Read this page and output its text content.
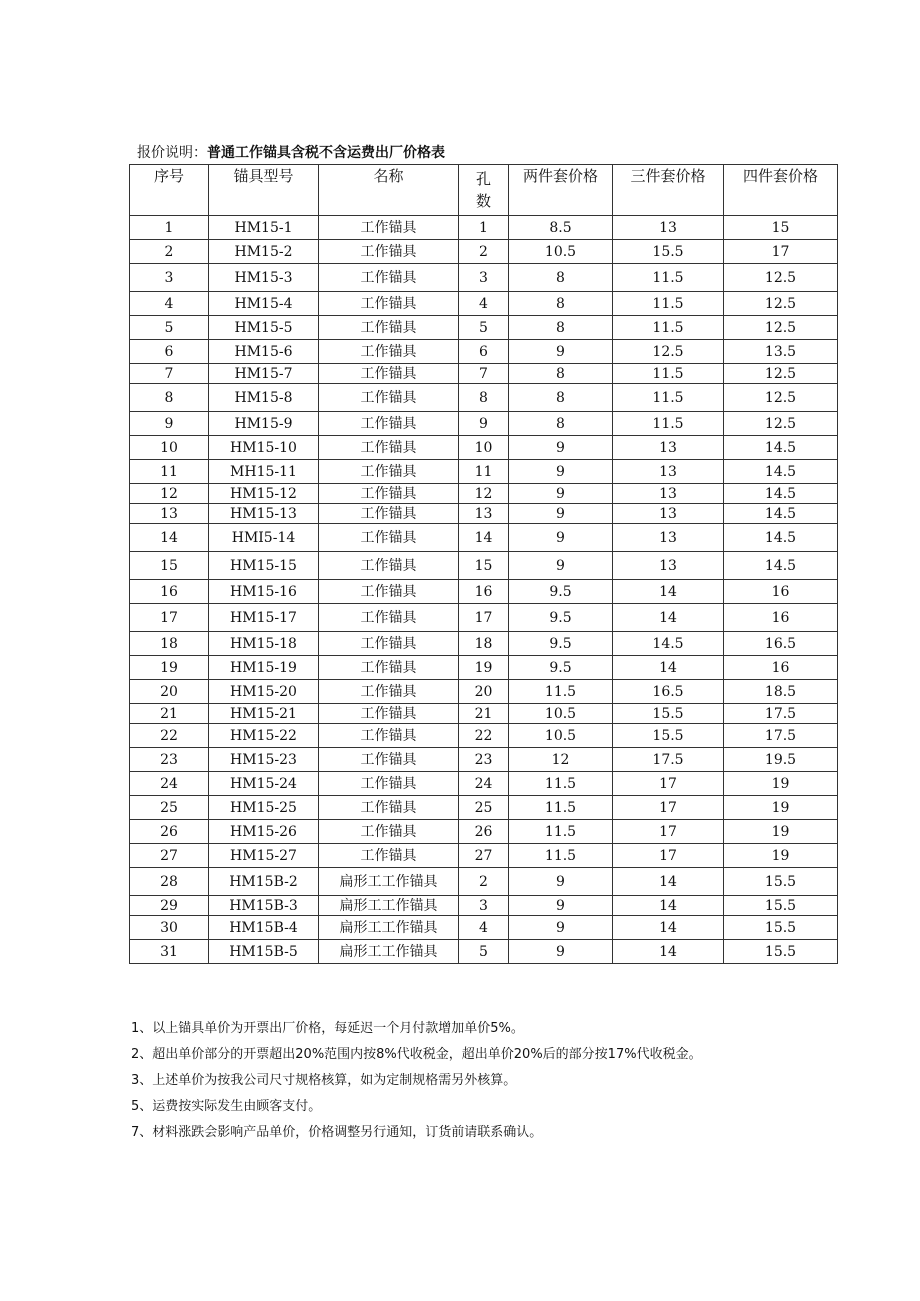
报价说明：普通工作锚具含税不含运费出厂价格表
序号	锚具型号	名称	孔数	两件套价格	三件套价格	四件套价格
1	HM15-1	工作锚具	1	8.5	13	15
2	HM15-2	工作锚具	2	10.5	15.5	17
3	HM15-3	工作锚具	3	8	11.5	12.5
4	HM15-4	工作锚具	4	8	11.5	12.5
5	HM15-5	工作锚具	5	8	11.5	12.5
6	HM15-6	工作锚具	6	9	12.5	13.5
7	HM15-7	工作锚具	7	8	11.5	12.5
8	HM15-8	工作锚具	8	8	11.5	12.5
9	HM15-9	工作锚具	9	8	11.5	12.5
10	HM15-10	工作锚具	10	9	13	14.5
11	MH15-11	工作锚具	11	9	13	14.5
12	HM15-12	工作锚具	12	9	13	14.5
13	HM15-13	工作锚具	13	9	13	14.5
14	HMI5-14	工作锚具	14	9	13	14.5
15	HM15-15	工作锚具	15	9	13	14.5
16	HM15-16	工作锚具	16	9.5	14	16
17	HM15-17	工作锚具	17	9.5	14	16
18	HM15-18	工作锚具	18	9.5	14.5	16.5
19	HM15-19	工作锚具	19	9.5	14	16
20	HM15-20	工作锚具	20	11.5	16.5	18.5
21	HM15-21	工作锚具	21	10.5	15.5	17.5
22	HM15-22	工作锚具	22	10.5	15.5	17.5
23	HM15-23	工作锚具	23	12	17.5	19.5
24	HM15-24	工作锚具	24	11.5	17	19
25	HM15-25	工作锚具	25	11.5	17	19
26	HM15-26	工作锚具	26	11.5	17	19
27	HM15-27	工作锚具	27	11.5	17	19
28	HM15B-2	扁形工工作锚具	2	9	14	15.5
29	HM15B-3	扁形工工作锚具	3	9	14	15.5
30	HM15B-4	扁形工工作锚具	4	9	14	15.5
31	HM15B-5	扁形工工作锚具	5	9	14	15.5
1、以上锚具单价为开票出厂价格，每延迟一个月付款增加单价5%。
2、超出单价部分的开票超出20%范围内按8%代收税金，超出单价20%后的部分按17%代收税金。
3、上述单价为按我公司尺寸规格核算，如为定制规格需另外核算。
5、运费按实际发生由顾客支付。
7、材料涨跌会影响产品单价，价格调整另行通知，订货前请联系确认。
